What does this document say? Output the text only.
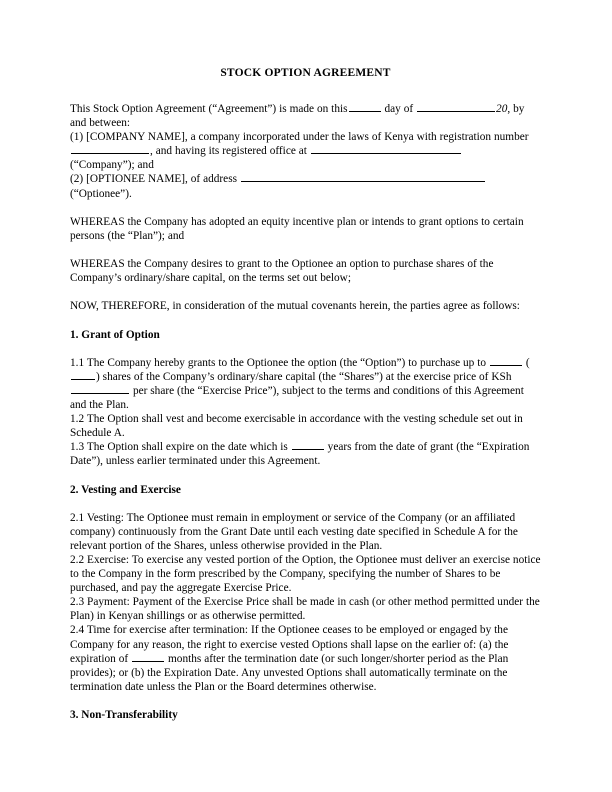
STOCK OPTION AGREEMENT

This Stock Option Agreement (“Agreement”) is made on this	day of	20, by and between:

(1) [COMPANY NAME], a company incorporated under the laws of Kenya with registration number , and having its registered office at

(“Company”); and

(2) [OPTIONEE NAME], of address  (“Optionee”).

WHEREAS the Company has adopted an equity incentive plan or intends to grant options to certain persons (the “Plan”); and

WHEREAS the Company desires to grant to the Optionee an option to purchase shares of the Company’s ordinary/share capital, on the terms set out below;

NOW, THEREFORE, in consideration of the mutual covenants herein, the parties agree as follows:

1. Grant of Option

1.1 The Company hereby grants to the Optionee the option (the “Option”) to purchase up to	() shares of the Company’s ordinary/share capital (the “Shares”) at the exercise price of KSh  per share (the “Exercise Price”), subject to the terms and conditions of this Agreement and the Plan.

1.2 The Option shall vest and become exercisable in accordance with the vesting schedule set out in Schedule A.

1.3 The Option shall expire on the date which is	years from the date of grant (the “Expiration Date”), unless earlier terminated under this Agreement.

2. Vesting and Exercise

2.1 Vesting: The Optionee must remain in employment or service of the Company (or an affiliated company) continuously from the Grant Date until each vesting date specified in Schedule A for the relevant portion of the Shares, unless otherwise provided in the Plan.

2.2 Exercise: To exercise any vested portion of the Option, the Optionee must deliver an exercise notice to the Company in the form prescribed by the Company, specifying the number of Shares to be purchased, and pay the aggregate Exercise Price.

2.3 Payment: Payment of the Exercise Price shall be made in cash (or other method permitted under the Plan) in Kenyan shillings or as otherwise permitted.

2.4 Time for exercise after termination: If the Optionee ceases to be employed or engaged by the Company for any reason, the right to exercise vested Options shall lapse on the earlier of: (a) the expiration of	months after the termination date (or such longer/shorter period as the Plan provides); or (b) the Expiration Date. Any unvested Options shall automatically terminate on the termination date unless the Plan or the Board determines otherwise.

3. Non-Transferability
